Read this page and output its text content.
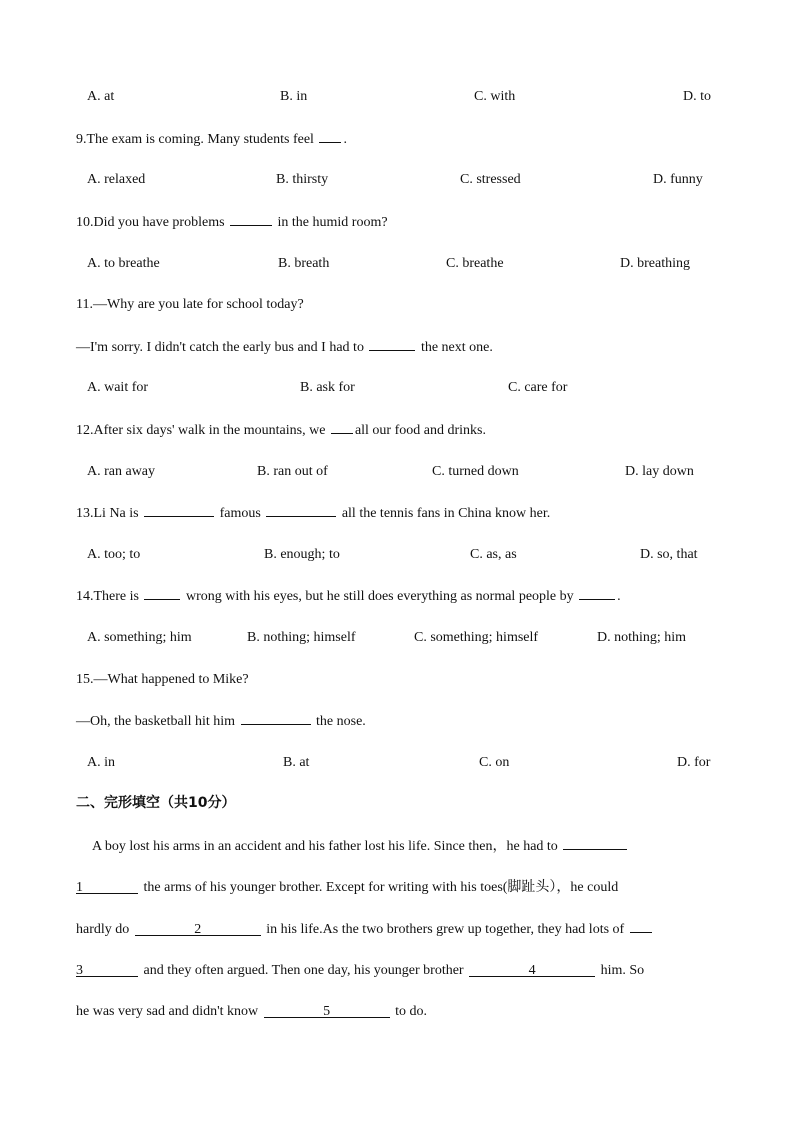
A. at	B. in	C. with	D. to
9.The exam is coming. Many students feel .
A. relaxed	B. thirsty	C. stressed	D. funny
10.Did you have problems	in the humid room?
A. to breathe	B. breath	C. breathe	D. breathing
11.—Why are you late for school today?
—I'm sorry. I didn't catch the early bus and I had to	the next one.
A. wait for	B. ask for	C. care for
12.After six days' walk in the mountains, we all our food and drinks.
A. ran away	B. ran out of	C. turned down	D. lay down
13.Li Na is	famous	all the tennis fans in China know her.
A. too; to	B. enough; to	C. as, as	D. so, that
14.There is	wrong with his eyes, but he still does everything as normal people by	.
A. something; him	B. nothing; himself	C. something; himself	D. nothing; him
15.—What happened to Mike?
—Oh, the basketball hit him	the nose.
A. in	B. at	C. on	D. for
二、完形填空（共10分）
A boy lost his arms in an accident and his father lost his life. Since then，he had to
1	the arms of his younger brother. Except for writing with his toes(脚趾头），he could
hardly do	2	in his life.As the two brothers grew up together, they had lots of
3	and they often argued. Then one day, his younger brother	4	him. So
he was very sad and didn't know	5	to do.
